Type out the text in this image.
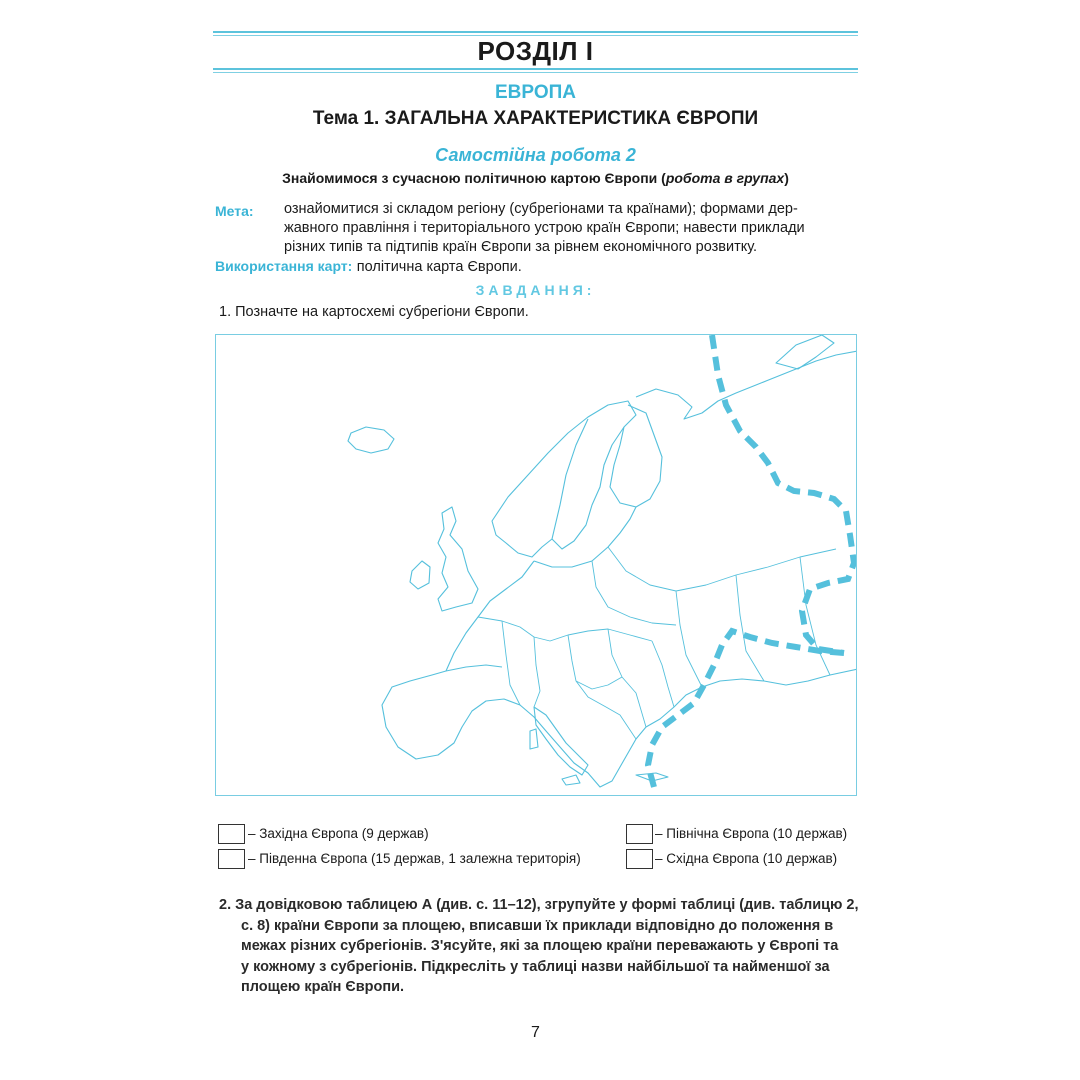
РОЗДІЛ І
ЕВРОПА
Тема 1. ЗАГАЛЬНА ХАРАКТЕРИСТИКА ЄВРОПИ
Самостійна робота 2
Знайомимося з сучасною політичною картою Європи (робота в групах)
Мета: ознайомитися зі складом регіону (субрегіонами та країнами); формами дер-
жавного правління і територіального устрою країн Європи; навести приклади
різних типів та підтипів країн Європи за рівнем економічного розвитку.
Використання карт: політична карта Європи.
ЗАВДАННЯ:
1. Позначте на картосхемі субрегіони Європи.
– Західна Європа (9 держав)	– Північна Європа (10 держав)
– Південна Європа (15 держав, 1 залежна територія)	– Східна Європа (10 держав)
2. За довідковою таблицею А (див. с. 11–12), згрупуйте у формі таблиці (див. таблицю 2,
с. 8) країни Європи за площею, вписавши їх приклади відповідно до положення в
межах різних субрегіонів. З'ясуйте, які за площею країни переважають у Європі та
у кожному з субрегіонів. Підкресліть у таблиці назви найбільшої та найменшої за
площею країн Європи.
7
